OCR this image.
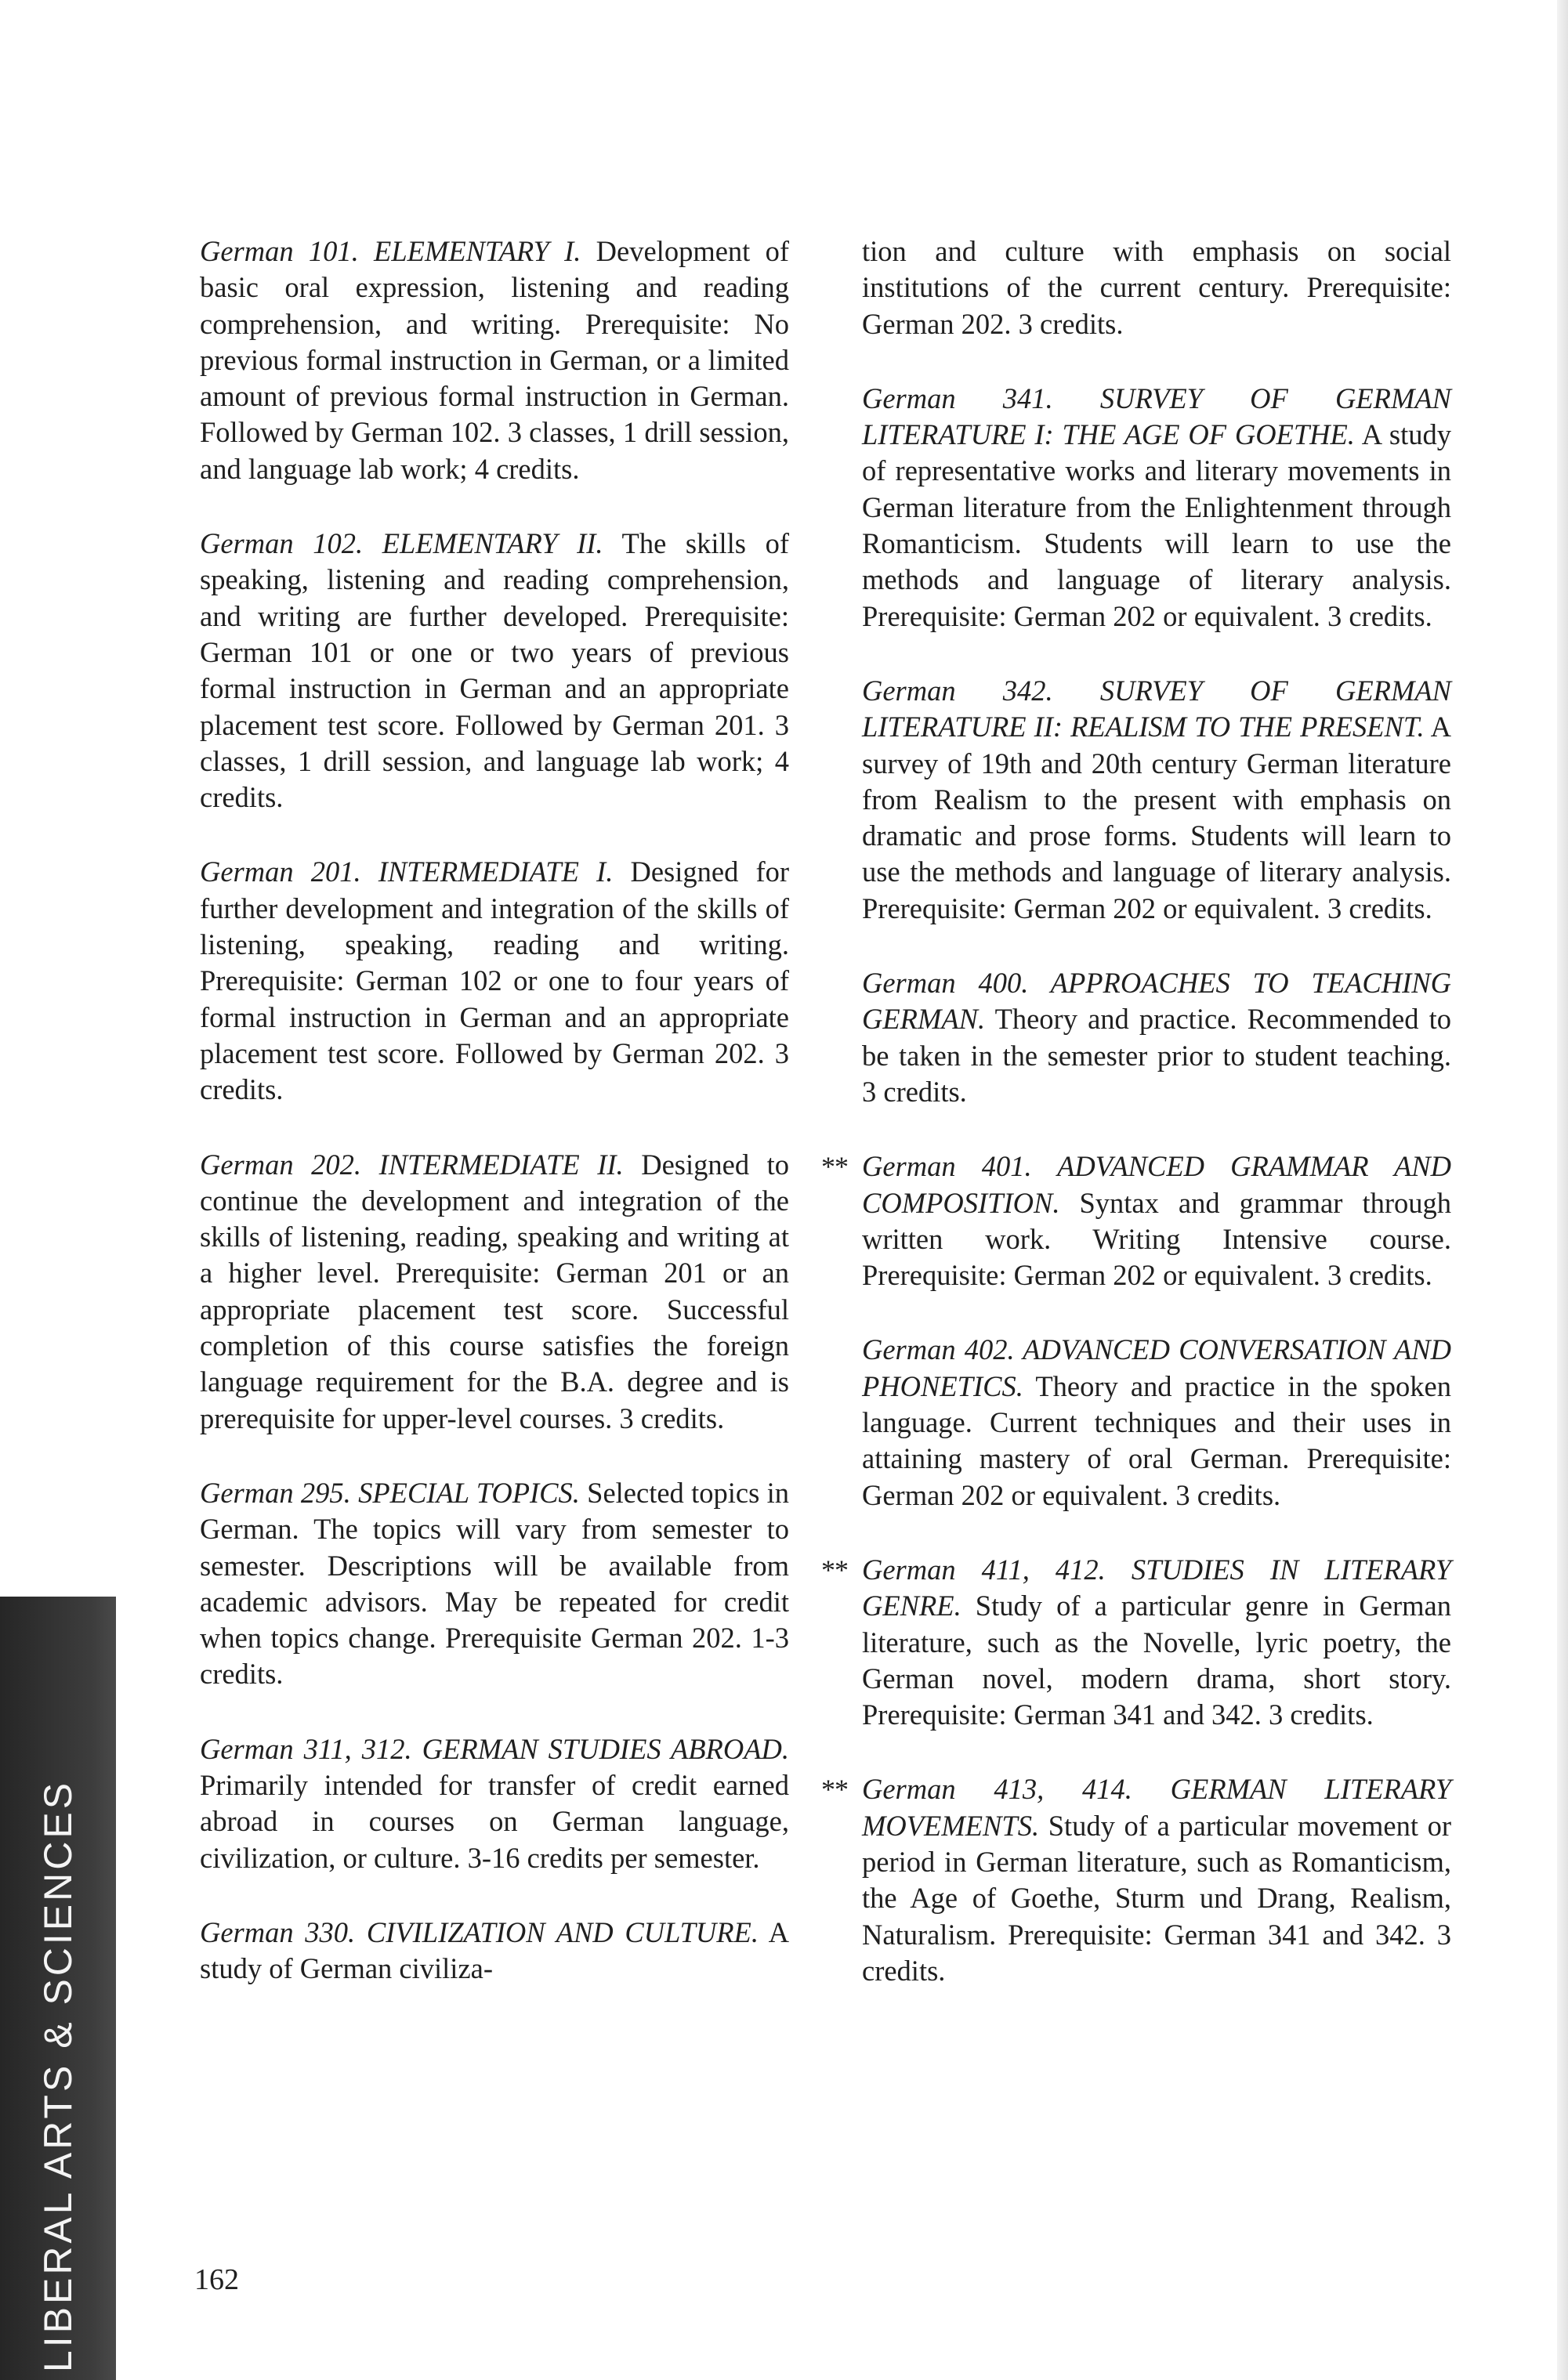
German 101. ELEMENTARY I. Development of basic oral expression, listening and reading comprehension, and writing. Prerequisite: No previous formal instruction in German, or a limited amount of previous formal instruction in German. Followed by German 102. 3 classes, 1 drill session, and language lab work; 4 credits.

German 102. ELEMENTARY II. The skills of speaking, listening and reading comprehension, and writing are further developed. Prerequisite: German 101 or one or two years of previous formal instruction in German and an appropriate placement test score. Followed by German 201. 3 classes, 1 drill session, and language lab work; 4 credits.

German 201. INTERMEDIATE I. Designed for further development and integration of the skills of listening, speaking, reading and writing. Prerequisite: German 102 or one to four years of formal instruction in German and an appropriate placement test score. Followed by German 202. 3 credits.

German 202. INTERMEDIATE II. Designed to continue the development and integration of the skills of listening, reading, speaking and writing at a higher level. Prerequisite: German 201 or an appropriate placement test score. Successful completion of this course satisfies the foreign language requirement for the B.A. degree and is prerequisite for upper-level courses. 3 credits.

German 295. SPECIAL TOPICS. Selected topics in German. The topics will vary from semester to semester. Descriptions will be available from academic advisors. May be repeated for credit when topics change. Prerequisite German 202. 1-3 credits.

German 311, 312. GERMAN STUDIES ABROAD. Primarily intended for transfer of credit earned abroad in courses on German language, civilization, or culture. 3-16 credits per semester.

German 330. CIVILIZATION AND CULTURE. A study of German civiliza-

tion and culture with emphasis on social institutions of the current century. Prerequisite: German 202. 3 credits.

German 341. SURVEY OF GERMAN LITERATURE I: THE AGE OF GOETHE. A study of representative works and literary movements in German literature from the Enlightenment through Romanticism. Students will learn to use the methods and language of literary analysis. Prerequisite: German 202 or equivalent. 3 credits.

German 342. SURVEY OF GERMAN LITERATURE II: REALISM TO THE PRESENT. A survey of 19th and 20th century German literature from Realism to the present with emphasis on dramatic and prose forms. Students will learn to use the methods and language of literary analysis. Prerequisite: German 202 or equivalent. 3 credits.

German 400. APPROACHES TO TEACHING GERMAN. Theory and practice. Recommended to be taken in the semester prior to student teaching. 3 credits.

** German 401. ADVANCED GRAMMAR AND COMPOSITION. Syntax and grammar through written work. Writing Intensive course. Prerequisite: German 202 or equivalent. 3 credits.

German 402. ADVANCED CONVERSATION AND PHONETICS. Theory and practice in the spoken language. Current techniques and their uses in attaining mastery of oral German. Prerequisite: German 202 or equivalent. 3 credits.

** German 411, 412. STUDIES IN LITERARY GENRE. Study of a particular genre in German literature, such as the Novelle, lyric poetry, the German novel, modern drama, short story. Prerequisite: German 341 and 342. 3 credits.

** German 413, 414. GERMAN LITERARY MOVEMENTS. Study of a particular movement or period in German literature, such as Romanticism, the Age of Goethe, Sturm und Drang, Realism, Naturalism. Prerequisite: German 341 and 342. 3 credits.

LIBERAL ARTS & SCIENCES	162
